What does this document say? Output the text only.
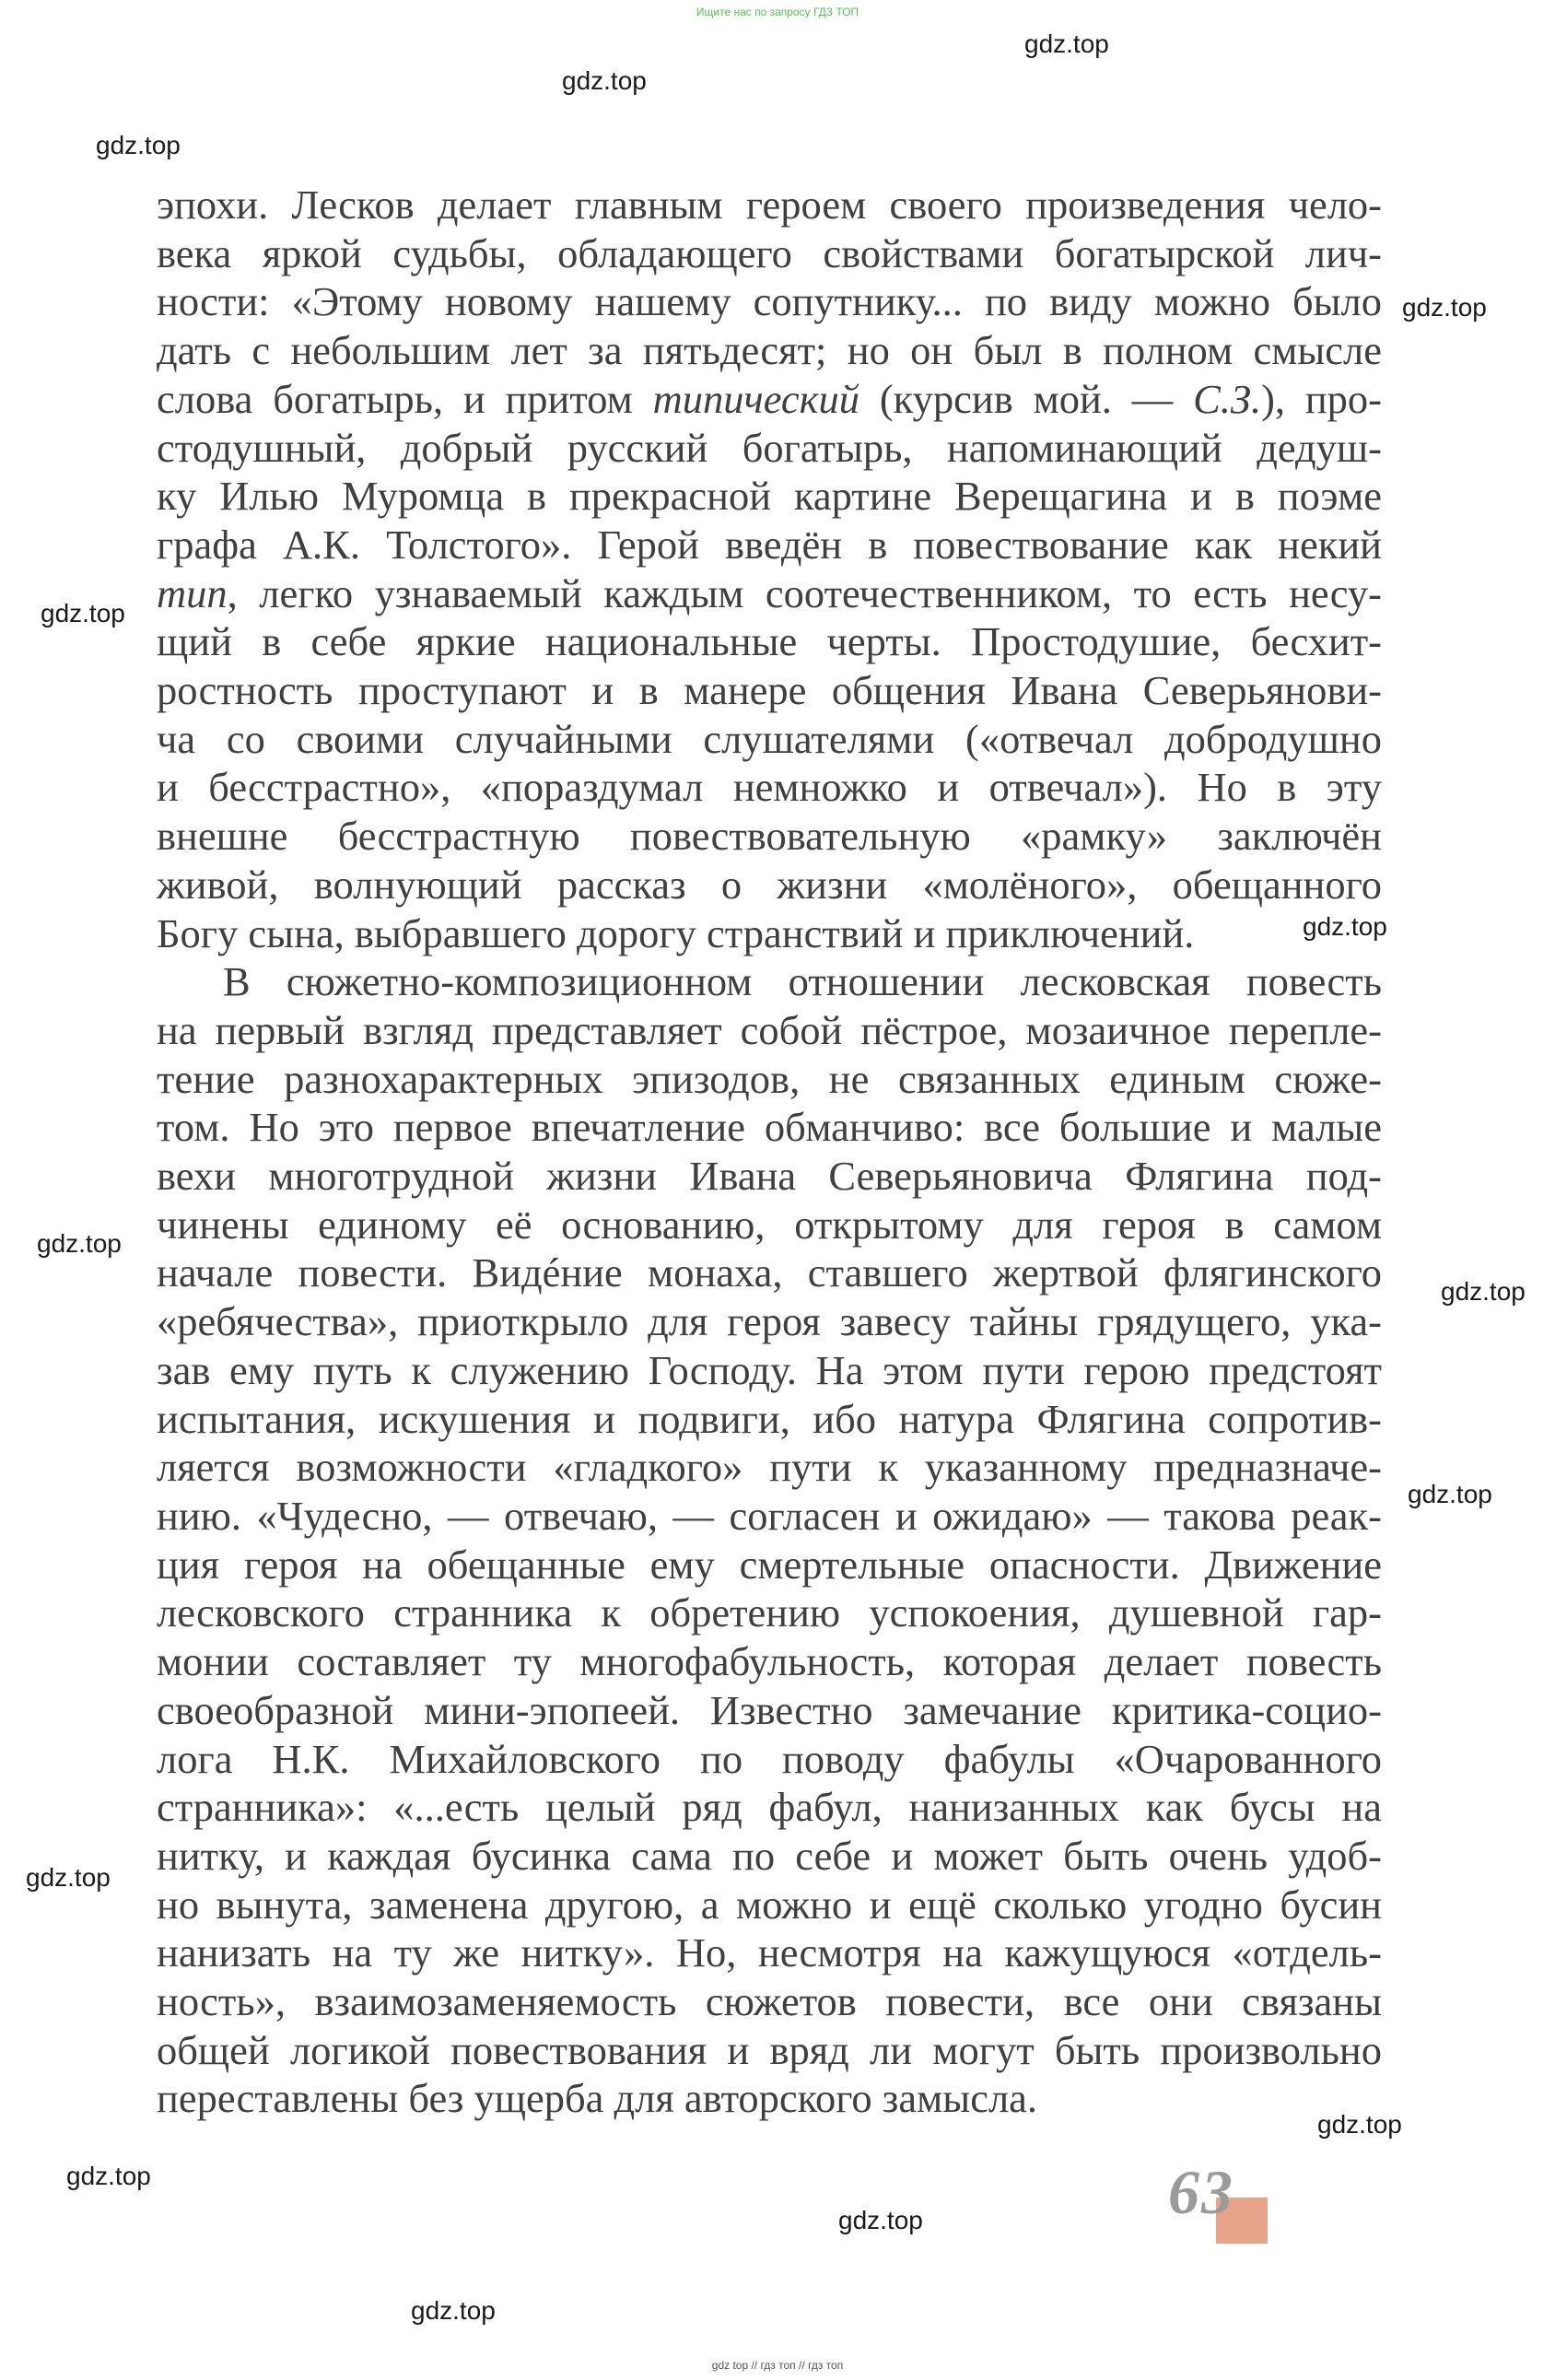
Ищите нас по запросу ГДЗ ТОП
gdz.top
gdz.top
gdz.top
gdz.top
gdz.top
gdz.top
gdz.top
gdz.top
gdz.top
gdz.top
gdz.top
gdz.top
gdz.top
gdz.top

эпохи. Лесков делает главным героем своего произведения чело-
века яркой судьбы, обладающего свойствами богатырской лич-
ности: «Этому новому нашему сопутнику... по виду можно было
дать с небольшим лет за пятьдесят; но он был в полном смысле
слова богатырь, и притом типический (курсив мой. — С.З.), про-
стодушный, добрый русский богатырь, напоминающий дедуш-
ку Илью Муромца в прекрасной картине Верещагина и в поэме
графа А.К. Толстого». Герой введён в повествование как некий
тип, легко узнаваемый каждым соотечественником, то есть несу-
щий в себе яркие национальные черты. Простодушие, бесхит-
ростность проступают и в манере общения Ивана Северьянови-
ча со своими случайными слушателями («отвечал добродушно
и бесстрастно», «пораздумал немножко и отвечал»). Но в эту
внешне бесстрастную повествовательную «рамку» заключён
живой, волнующий рассказ о жизни «молёного», обещанного
Богу сына, выбравшего дорогу странствий и приключений.

В сюжетно-композиционном отношении лесковская повесть
на первый взгляд представляет собой пёстрое, мозаичное перепле-
тение разнохарактерных эпизодов, не связанных единым сюже-
том. Но это первое впечатление обманчиво: все большие и малые
вехи многотрудной жизни Ивана Северьяновича Флягина под-
чинены единому её основанию, открытому для героя в самом
начале повести. Видéние монаха, ставшего жертвой флягинского
«ребячества», приоткрыло для героя завесу тайны грядущего, ука-
зав ему путь к служению Господу. На этом пути герою предстоят
испытания, искушения и подвиги, ибо натура Флягина сопротив-
ляется возможности «гладкого» пути к указанному предназначе-
нию. «Чудесно, — отвечаю, — согласен и ожидаю» — такова реак-
ция героя на обещанные ему смертельные опасности. Движение
лесковского странника к обретению успокоения, душевной гар-
монии составляет ту многофабульность, которая делает повесть
своеобразной мини-эпопеей. Известно замечание критика-социо-
лога Н.К. Михайловского по поводу фабулы «Очарованного
странника»: «...есть целый ряд фабул, нанизанных как бусы на
нитку, и каждая бусинка сама по себе и может быть очень удоб-
но вынута, заменена другою, а можно и ещё сколько угодно бусин
нанизать на ту же нитку». Но, несмотря на кажущуюся «отдель-
ность», взаимозаменяемость сюжетов повести, все они связаны
общей логикой повествования и вряд ли могут быть произвольно
переставлены без ущерба для авторского замысла.

63
gdz top // гдз топ // гдз топ
